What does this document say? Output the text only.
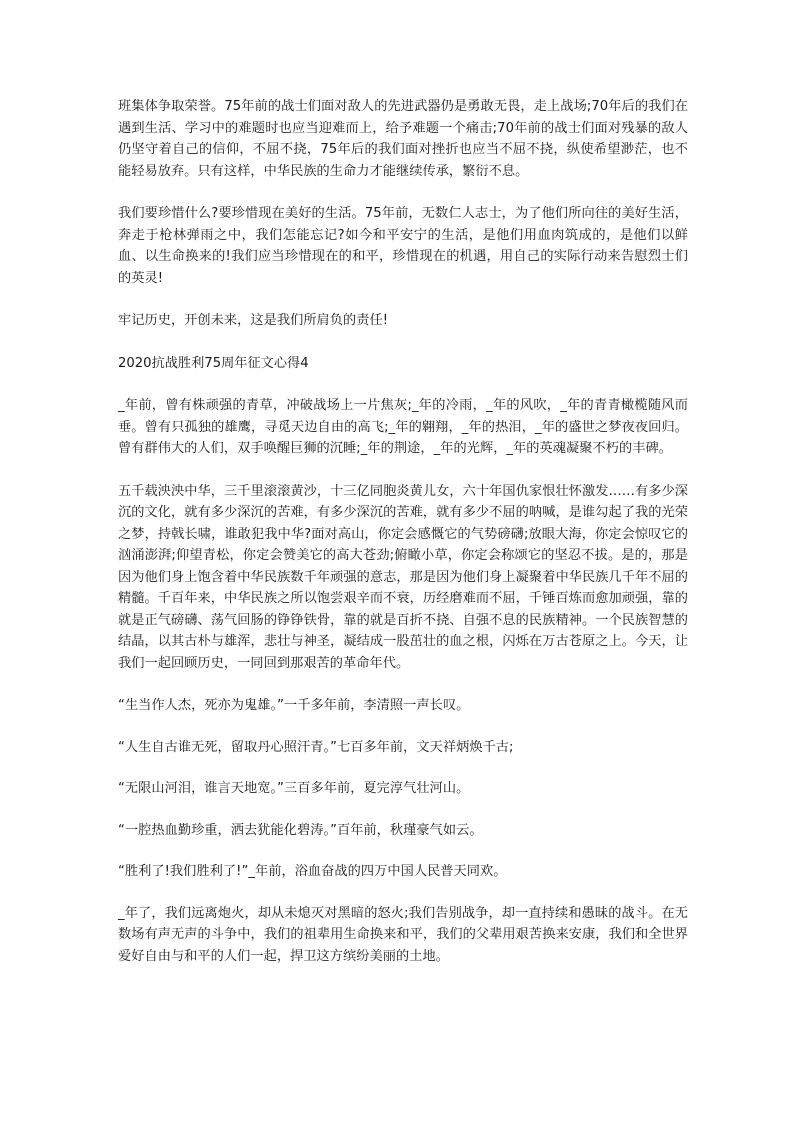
班集体争取荣誉。75年前的战士们面对敌人的先进武器仍是勇敢无畏，走上战场;70年后的我们在遇到生活、学习中的难题时也应当迎难而上，给予难题一个痛击;70年前的战士们面对残暴的敌人仍坚守着自己的信仰，不屈不挠，75年后的我们面对挫折也应当不屈不挠，纵使希望渺茫，也不能轻易放弃。只有这样，中华民族的生命力才能继续传承，繁衍不息。

我们要珍惜什么?要珍惜现在美好的生活。75年前，无数仁人志士，为了他们所向往的美好生活，奔走于枪林弹雨之中，我们怎能忘记?如今和平安宁的生活，是他们用血肉筑成的，是他们以鲜血、以生命换来的!我们应当珍惜现在的和平，珍惜现在的机遇，用自己的实际行动来告慰烈士们的英灵!

牢记历史，开创未来，这是我们所肩负的责任!

2020抗战胜利75周年征文心得4

_年前，曾有株顽强的青草，冲破战场上一片焦灰;_年的冷雨，_年的风吹，_年的青青橄榄随风而垂。曾有只孤独的雄鹰，寻觅天边自由的高飞;_年的翱翔，_年的热泪，_年的盛世之梦夜夜回归。曾有群伟大的人们，双手唤醒巨狮的沉睡;_年的荆途，_年的光辉，_年的英魂凝聚不朽的丰碑。

五千载泱泱中华，三千里滚滚黄沙，十三亿同胞炎黄儿女，六十年国仇家恨壮怀激发……有多少深沉的文化，就有多少深沉的苦难，有多少深沉的苦难，就有多少不屈的呐喊，是谁勾起了我的光荣之梦，持戟长啸，谁敢犯我中华?面对高山，你定会感慨它的气势磅礴;放眼大海，你定会惊叹它的汹涌澎湃;仰望青松，你定会赞美它的高大苍劲;俯瞰小草，你定会称颂它的坚忍不拔。是的，那是因为他们身上饱含着中华民族数千年顽强的意志，那是因为他们身上凝聚着中华民族几千年不屈的精髓。千百年来，中华民族之所以饱尝艰辛而不衰，历经磨难而不屈，千锤百炼而愈加顽强，靠的就是正气磅礴、荡气回肠的铮铮铁骨，靠的就是百折不挠、自强不息的民族精神。一个民族智慧的结晶，以其古朴与雄浑，悲壮与神圣，凝结成一股茁壮的血之根，闪烁在万古苍原之上。今天，让我们一起回顾历史，一同回到那艰苦的革命年代。

“生当作人杰，死亦为鬼雄。”一千多年前，李清照一声长叹。

“人生自古谁无死，留取丹心照汗青。”七百多年前，文天祥炳焕千古;

“无限山河泪，谁言天地宽。”三百多年前，夏完淳气壮河山。

“一腔热血勤珍重，洒去犹能化碧涛。”百年前，秋瑾豪气如云。

“胜利了!我们胜利了!”_年前，浴血奋战的四万中国人民普天同欢。

_年了，我们远离炮火，却从未熄灭对黑暗的怒火;我们告别战争，却一直持续和愚昧的战斗。在无数场有声无声的斗争中，我们的祖辈用生命换来和平，我们的父辈用艰苦换来安康，我们和全世界爱好自由与和平的人们一起，捍卫这方缤纷美丽的土地。
